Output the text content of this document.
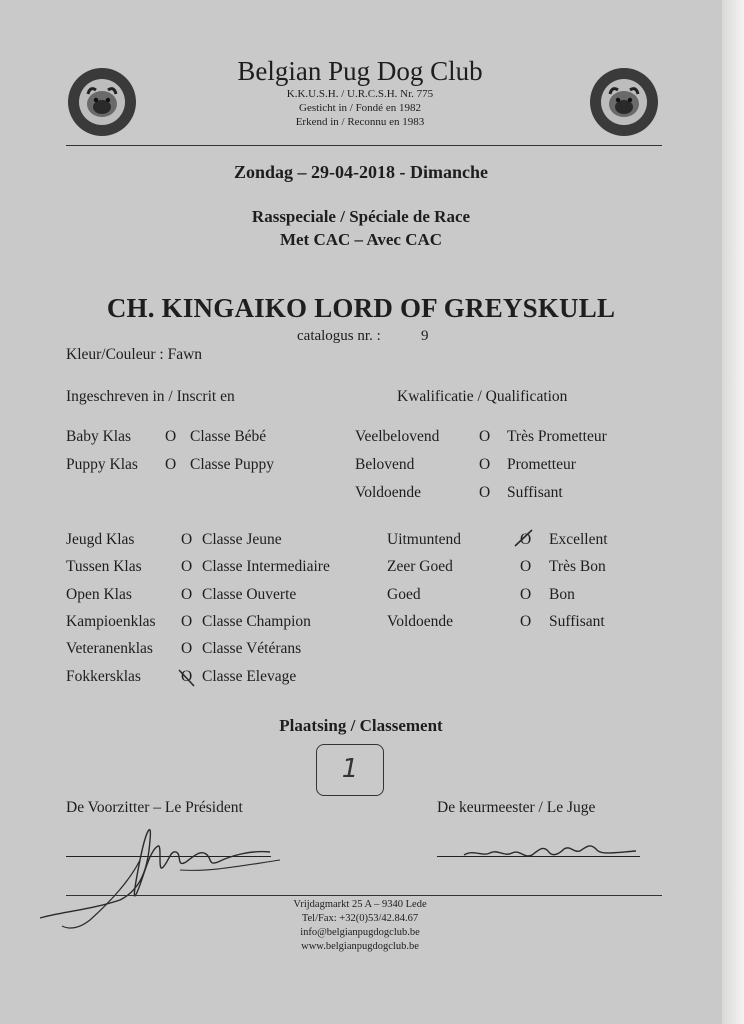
Belgian Pug Dog Club
K.K.U.S.H. / U.R.C.S.H. Nr. 775
Gesticht in / Fondé en 1982
Erkend in / Reconnu en 1983
Zondag – 29-04-2018 - Dimanche
Rasspeciale / Spéciale de Race
Met CAC – Avec CAC
CH. KINGAIKO LORD OF GREYSKULL
catalogus nr. :	9
Kleur/Couleur : Fawn
Ingeschreven in / Inscrit en	Kwalificatie / Qualification
Baby Klas O Classe Bébé
Puppy Klas O Classe Puppy
Veelbelovend	O Très Prometteur
Belovend	O Prometteur
Voldoende	O Suffisant
Jeugd Klas	O Classe Jeune
Tussen Klas	O Classe Intermediaire
Open Klas	O Classe Ouverte
Kampioenklas O Classe Champion
Veteranenklas O Classe Vétérans
Fokkersklas	O Classe Elevage
Uitmuntend	O Excellent
Zeer Goed	O Très Bon
Goed	O Bon
Voldoende	O Suffisant
Plaatsing / Classement
1
De Voorzitter – Le Président	De keurmeester / Le Juge
Vrijdagmarkt 25 A – 9340 Lede
Tel/Fax: +32(0)53/42.84.67
info@belgianpugdogclub.be
www.belgianpugdogclub.be
